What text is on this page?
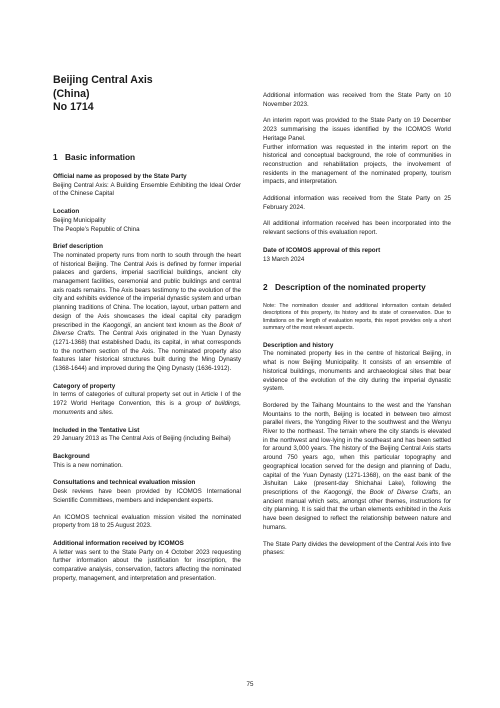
Beijing Central Axis
(China)
No 1714
1 Basic information
Official name as proposed by the State Party

Beijing Central Axis: A Building Ensemble Exhibiting the Ideal Order of the Chinese Capital

Location

Beijing Municipality

The People’s Republic of China

Brief description

The nominated property runs from north to south through the heart of historical Beijing. The Central Axis is defined by former imperial palaces and gardens, imperial sacrificial buildings, ancient city management facilities, ceremonial and public buildings and central axis roads remains. The Axis bears testimony to the evolution of the city and exhibits evidence of the imperial dynastic system and urban planning traditions of China. The location, layout, urban pattern and design of the Axis showcases the ideal capital city paradigm prescribed in the Kaogongji, an ancient text known as the Book of Diverse Crafts. The Central Axis originated in the Yuan Dynasty (1271-1368) that established Dadu, its capital, in what corresponds to the northern section of the Axis. The nominated property also features later historical structures built during the Ming Dynasty (1368-1644) and improved during the Qing Dynasty (1636-1912).

Category of property

In terms of categories of cultural property set out in Article I of the 1972 World Heritage Convention, this is a group of buildings, monuments and sites.

Included in the Tentative List

29 January 2013 as The Central Axis of Beijing (including Beihai)

Background

This is a new nomination.

Consultations and technical evaluation mission

Desk reviews have been provided by ICOMOS International Scientific Committees, members and independent experts.

An ICOMOS technical evaluation mission visited the nominated property from 18 to 25 August 2023.

Additional information received by ICOMOS

A letter was sent to the State Party on 4 October 2023 requesting further information about the justification for inscription, the comparative analysis, conservation, factors affecting the nominated property, management, and interpretation and presentation.

Additional information was received from the State Party on 10 November 2023.

An interim report was provided to the State Party on 19 December 2023 summarising the issues identified by the ICOMOS World Heritage Panel.

Further information was requested in the interim report on the historical and conceptual background, the role of communities in reconstruction and rehabilitation projects, the involvement of residents in the management of the nominated property, tourism impacts, and interpretation.

Additional information was received from the State Party on 25 February 2024.

All additional information received has been incorporated into the relevant sections of this evaluation report.

Date of ICOMOS approval of this report

13 March 2024

2 Description of the nominated property

Note: The nomination dossier and additional information contain detailed descriptions of this property, its history and its state of conservation. Due to limitations on the length of evaluation reports, this report provides only a short summary of the most relevant aspects.

Description and history

The nominated property lies in the centre of historical Beijing, in what is now Beijing Municipality. It consists of an ensemble of historical buildings, monuments and archaeological sites that bear evidence of the evolution of the city during the imperial dynastic system.

Bordered by the Taihang Mountains to the west and the Yanshan Mountains to the north, Beijing is located in between two almost parallel rivers, the Yongding River to the southwest and the Wenyu River to the northeast. The terrain where the city stands is elevated in the northwest and low-lying in the southeast and has been settled for around 3,000 years. The history of the Beijing Central Axis starts around 750 years ago, when this particular topography and geographical location served for the design and planning of Dadu, capital of the Yuan Dynasty (1271-1368), on the east bank of the Jishuitan Lake (present-day Shichahai Lake), following the prescriptions of the Kaogongji, the Book of Diverse Crafts, an ancient manual which sets, amongst other themes, instructions for city planning. It is said that the urban elements exhibited in the Axis have been designed to reflect the relationship between nature and humans.

The State Party divides the development of the Central Axis into five phases:

75
